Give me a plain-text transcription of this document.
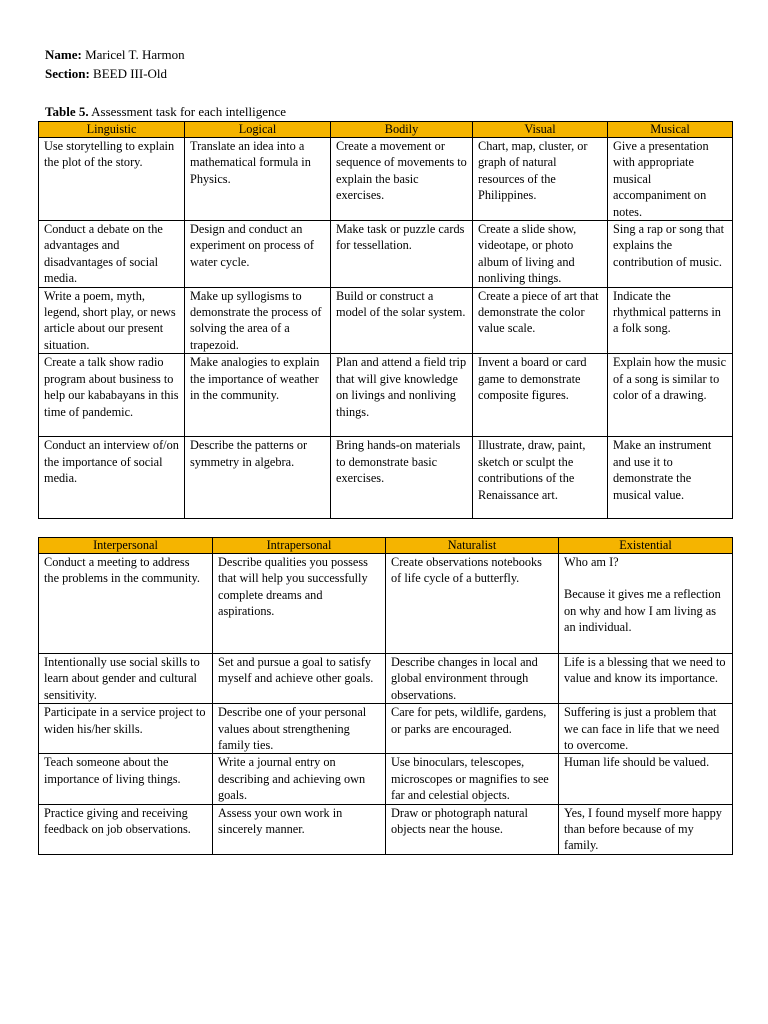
Name: Maricel T. Harmon
Section: BEED III-Old
Table 5. Assessment task for each intelligence
Linguistic	Logical	Bodily	Visual	Musical
Use storytelling to explain the plot of the story.	Translate an idea into a mathematical formula in Physics.	Create a movement or sequence of movements to explain the basic exercises.	Chart, map, cluster, or graph of natural resources of the Philippines.	Give a presentation with appropriate musical accompaniment on notes.
Conduct a debate on the advantages and disadvantages of social media.	Design and conduct an experiment on process of water cycle.	Make task or puzzle cards for tessellation.	Create a slide show, videotape, or photo album of living and nonliving things.	Sing a rap or song that explains the contribution of music.
Write a poem, myth, legend, short play, or news article about our present situation.	Make up syllogisms to demonstrate the process of solving the area of a trapezoid.	Build or construct a model of the solar system.	Create a piece of art that demonstrate the color value scale.	Indicate the rhythmical patterns in a folk song.
Create a talk show radio program about business to help our kababayans in this time of pandemic.	Make analogies to explain the importance of weather in the community.	Plan and attend a field trip that will give knowledge on livings and nonliving things.	Invent a board or card game to demonstrate composite figures.	Explain how the music of a song is similar to color of a drawing.
Conduct an interview of/on the importance of social media.	Describe the patterns or symmetry in algebra.	Bring hands-on materials to demonstrate basic exercises.	Illustrate, draw, paint, sketch or sculpt the contributions of the Renaissance art.	Make an instrument and use it to demonstrate the musical value.
Interpersonal	Intrapersonal	Naturalist	Existential
Conduct a meeting to address the problems in the community.	Describe qualities you possess that will help you successfully complete dreams and aspirations.	Create observations notebooks of life cycle of a butterfly.	Who am I?
Because it gives me a reflection on why and how I am living as an individual.
Intentionally use social skills to learn about gender and cultural sensitivity.	Set and pursue a goal to satisfy myself and achieve other goals.	Describe changes in local and global environment through observations.	Life is a blessing that we need to value and know its importance.
Participate in a service project to widen his/her skills.	Describe one of your personal values about strengthening family ties.	Care for pets, wildlife, gardens, or parks are encouraged.	Suffering is just a problem that we can face in life that we need to overcome.
Teach someone about the importance of living things.	Write a journal entry on describing and achieving own goals.	Use binoculars, telescopes, microscopes or magnifies to see far and celestial objects.	Human life should be valued.
Practice giving and receiving feedback on job observations.	Assess your own work in sincerely manner.	Draw or photograph natural objects near the house.	Yes, I found myself more happy than before because of my family.
